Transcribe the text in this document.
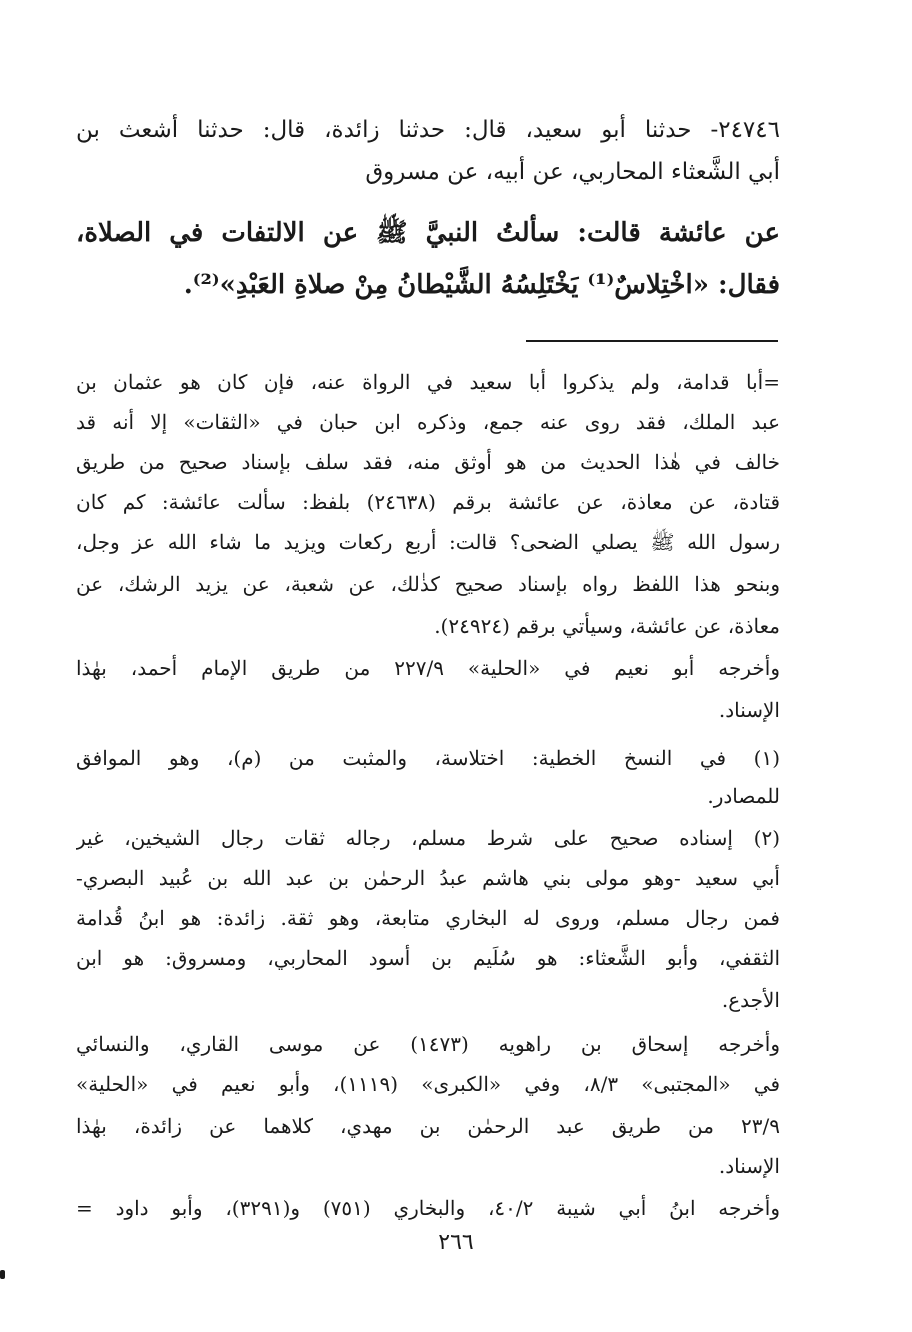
٢٤٧٤٦- حدثنا أبو سعيد، قال: حدثنا زائدة، قال: حدثنا أشعث بن
أبي الشَّعثاء المحاربي، عن أبيه، عن مسروق
عن عائشة قالت: سألتُ النبيَّ ﷺ عن الالتفات في الصلاة،
فقال: «اخْتِلاسٌ⁽¹⁾ يَخْتَلِسُهُ الشَّيْطانُ مِنْ صلاةِ العَبْدِ»⁽²⁾.
=أبا قدامة، ولم يذكروا أبا سعيد في الرواة عنه، فإن كان هو عثمان بن
عبد الملك، فقد روى عنه جمع، وذكره ابن حبان في «الثقات» إلا أنه قد
خالف في هٰذا الحديث من هو أوثق منه، فقد سلف بإسناد صحيح من طريق
قتادة، عن معاذة، عن عائشة برقم (٢٤٦٣٨) بلفظ: سألت عائشة: كم كان
رسول الله ﷺ يصلي الضحى؟ قالت: أربع ركعات ويزيد ما شاء الله عز وجل،
وبنحو هذا اللفظ رواه بإسناد صحيح كذٰلك، عن شعبة، عن يزيد الرشك، عن
معاذة، عن عائشة، وسيأتي برقم (٢٤٩٢٤).
وأخرجه أبو نعيم في «الحلية» ٢٢٧/٩ من طريق الإمام أحمد، بهٰذا
الإسناد.
(١) في النسخ الخطية: اختلاسة، والمثبت من (م)، وهو الموافق
للمصادر.
(٢) إسناده صحيح على شرط مسلم، رجاله ثقات رجال الشيخين، غير
أبي سعيد -وهو مولى بني هاشم عبدُ الرحمٰن بن عبد الله بن عُبيد البصري-
فمن رجال مسلم، وروى له البخاري متابعة، وهو ثقة. زائدة: هو ابنُ قُدامة
الثقفي، وأبو الشَّعثاء: هو سُلَيم بن أسود المحاربي، ومسروق: هو ابن
الأجدع.
وأخرجه إسحاق بن راهويه (١٤٧٣) عن موسى القاري، والنسائي
في «المجتبى» ٨/٣، وفي «الكبرى» (١١١٩)، وأبو نعيم في «الحلية»
٢٣/٩ من طريق عبد الرحمٰن بن مهدي، كلاهما عن زائدة، بهٰذا
الإسناد.
وأخرجه ابنُ أبي شيبة ٤٠/٢، والبخاري (٧٥١) و(٣٢٩١)، وأبو داود =
٢٦٦
